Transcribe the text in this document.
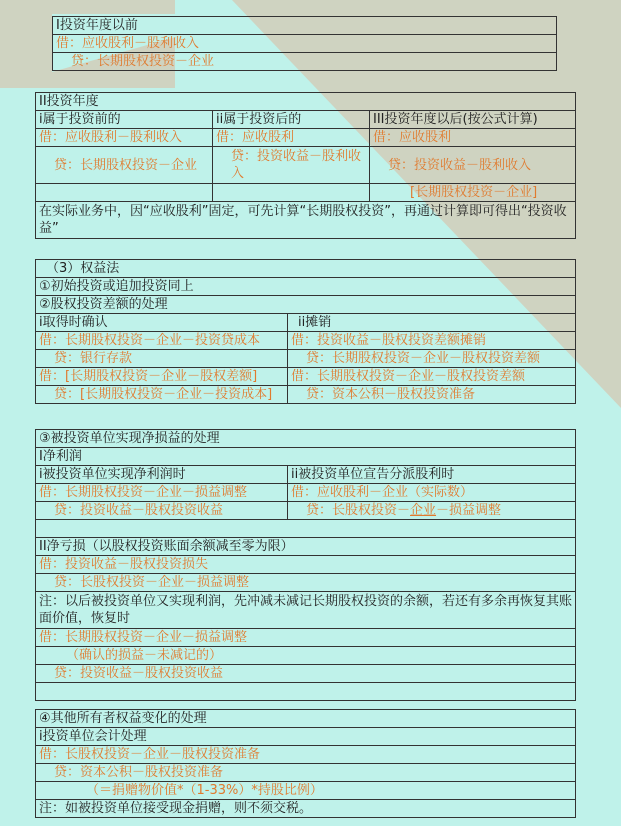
I投资年度以前
借：应收股利－股利收入
贷：长期股权投资－企业
II投资年度		
i属于投资前的	ii属于投资后的	III投资年度以后(按公式计算)
借：应收股利－股利收入	借：应收股利	借：应收股利
贷：长期股权投资－企业	贷：投资收益－股利收入	贷：投资收益－股利收入
		[长期股权投资－企业]
在实际业务中，因“应收股利”固定，可先计算“长期股权投资”，再通过计算即可得出“投资收益”		
（3）权益法	
①初始投资或追加投资同上	
②股权投资差额的处理	
i取得时确认	ii摊销
借：长期股权投资－企业－投资贷成本	借：投资收益－股权投资差额摊销
贷：银行存款	贷：长期股权投资－企业－股权投资差额
借：[长期股权投资－企业－股权差额]	借：长期股权投资－企业－股权投资差额
贷：[长期股权投资－企业－投资成本]	贷：资本公积－股权投资准备
③被投资单位实现净损益的处理	
I净利润	
i被投资单位实现净利润时	ii被投资单位宣告分派股利时
借：长期股权投资－企业－损益调整	借：应收股利－企业（实际数）
贷：投资收益－股权投资收益	贷：长股权投资－企业－损益调整

II净亏损（以股权投资账面余额减至零为限）	
借：投资收益－股权投资损失	
贷：长股权投资－企业－损益调整	
注：以后被投资单位又实现利润，先冲减未减记长期股权投资的余额，若还有多余再恢复其账面价值，恢复时	
借：长期股权投资－企业－损益调整	
（确认的损益－未减记的）	
贷：投资收益－股权投资收益	

④其他所有者权益变化的处理
i投资单位会计处理
借：长股权投资－企业－股权投资准备
贷：资本公积－股权投资准备
（＝捐赠物价值*（1-33%）*持股比例）
注：如被投资单位接受现金捐赠，则不须交税。
